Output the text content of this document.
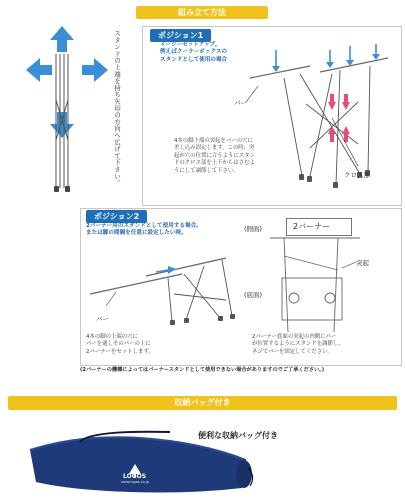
組み立て方法
スタンドの上端を持ち矢印の方向へ広げて下さい。	ポジション1
イージーセットアップ。
例えばクーラーボックスの
スタンドとして使用の場合
バー
クロス部
4本の脚上端の突起をバーの穴に
差し込み固定します。この時、突
起が穴の位置に合うようにスタン
ドのクロス部を上下からはさむよ
うにして調節して下さい。
ポジション2
2バーナー用のスタンドとして使用する場合。
または脚の間隔を任意に設定したい時。
バー
4本の脚の上端の穴に
バーを通しそのバーの上に
2バーナーをセットします。
(側面)	2バーナー
突起
(底面)
2バーナー底面の突起の内側にバー
が位置するようにスタンドを調節し、
ネジでバーを固定してください。
(2バーナーの機種によってはバーナースタンドとして使用できない場合がありますのでご了承ください。)
収納バッグ付き
便利な収納バッグ付き
LOGOS
www.logos.co.jp
